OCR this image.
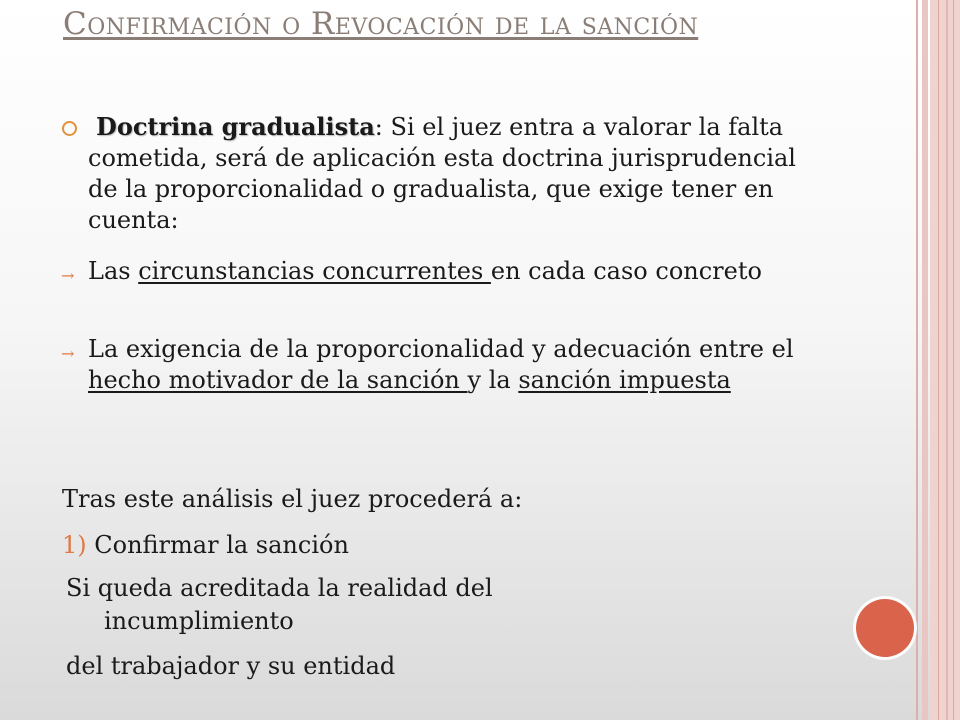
Confirmación o Revocación de la sanción

Doctrina gradualista: Si el juez entra a valorar la falta cometida, será de aplicación esta doctrina jurisprudencial de la proporcionalidad o gradualista, que exige tener en cuenta:

→ Las circunstancias concurrentes en cada caso concreto

→ La exigencia de la proporcionalidad y adecuación entre el hecho motivador de la sanción y la sanción impuesta

Tras este análisis el juez procederá a:

1) Confirmar la sanción

Si queda acreditada la realidad del

incumplimiento

del trabajador y su entidad
